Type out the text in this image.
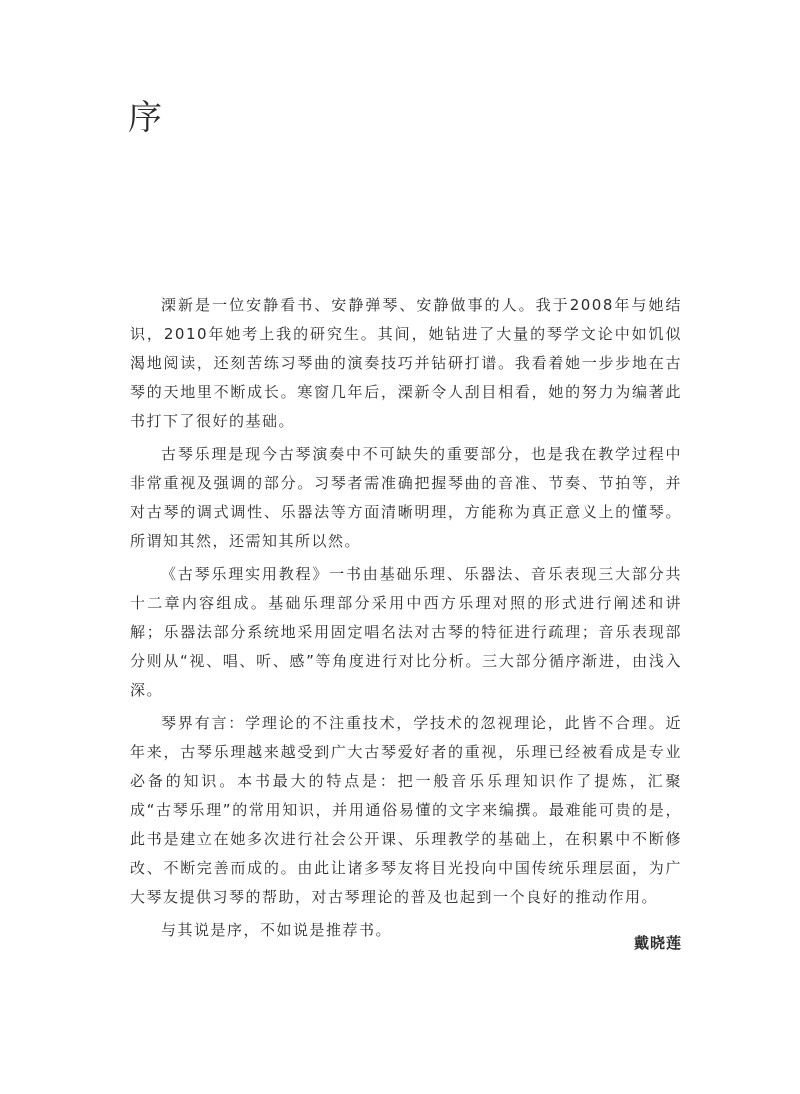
序

溧新是一位安静看书、安静弹琴、安静做事的人。我于2008年与她结识，2010年她考上我的研究生。其间，她钻进了大量的琴学文论中如饥似渴地阅读，还刻苦练习琴曲的演奏技巧并钻研打谱。我看着她一步步地在古琴的天地里不断成长。寒窗几年后，溧新令人刮目相看，她的努力为编著此书打下了很好的基础。

古琴乐理是现今古琴演奏中不可缺失的重要部分，也是我在教学过程中非常重视及强调的部分。习琴者需准确把握琴曲的音准、节奏、节拍等，并对古琴的调式调性、乐器法等方面清晰明理，方能称为真正意义上的懂琴。所谓知其然，还需知其所以然。

《古琴乐理实用教程》一书由基础乐理、乐器法、音乐表现三大部分共十二章内容组成。基础乐理部分采用中西方乐理对照的形式进行阐述和讲解；乐器法部分系统地采用固定唱名法对古琴的特征进行疏理；音乐表现部分则从“视、唱、听、感”等角度进行对比分析。三大部分循序渐进，由浅入深。

琴界有言：学理论的不注重技术，学技术的忽视理论，此皆不合理。近年来，古琴乐理越来越受到广大古琴爱好者的重视，乐理已经被看成是专业必备的知识。本书最大的特点是：把一般音乐乐理知识作了提炼，汇聚成“古琴乐理”的常用知识，并用通俗易懂的文字来编撰。最难能可贵的是，此书是建立在她多次进行社会公开课、乐理教学的基础上，在积累中不断修改、不断完善而成的。由此让诸多琴友将目光投向中国传统乐理层面，为广大琴友提供习琴的帮助，对古琴理论的普及也起到一个良好的推动作用。

与其说是序，不如说是推荐书。

戴晓莲
